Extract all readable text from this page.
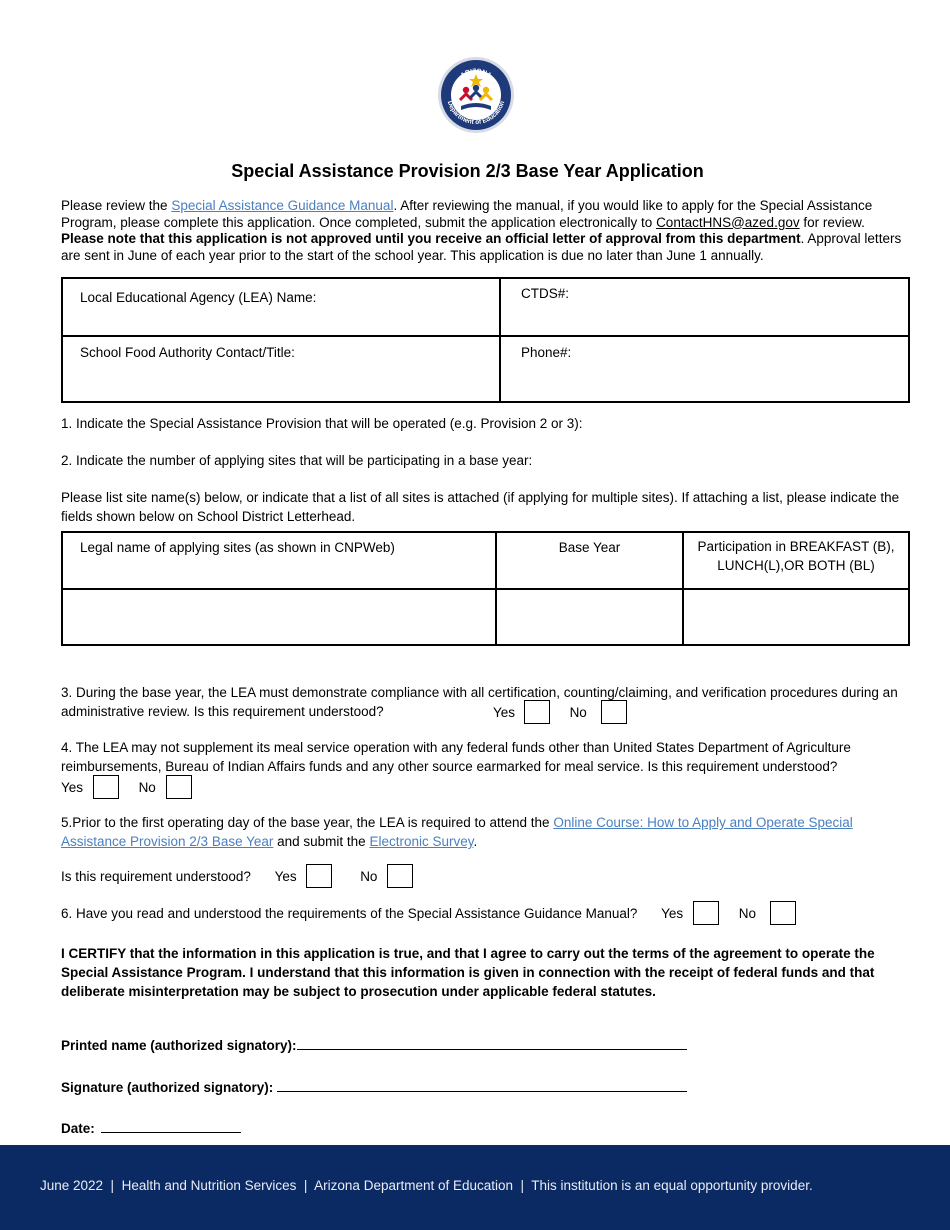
ARIZONA
Department of Education
Special Assistance Provision 2/3 Base Year Application
Please review the Special Assistance Guidance Manual. After reviewing the manual, if you would like to apply for the Special Assistance Program, please complete this application. Once completed, submit the application electronically to ContactHNS@azed.gov for review.
Please note that this application is not approved until you receive an official letter of approval from this department. Approval letters are sent in June of each year prior to the start of the school year. This application is due no later than June 1 annually.
Local Educational Agency (LEA) Name:	CTDS#:

School Food Authority Contact/Title:	Phone#:
1. Indicate the Special Assistance Provision that will be operated (e.g. Provision 2 or 3):
2. Indicate the number of applying sites that will be participating in a base year:
Please list site name(s) below, or indicate that a list of all sites is attached (if applying for multiple sites). If attaching a list, please indicate the fields shown below on School District Letterhead.
Legal name of applying sites (as shown in CNPWeb)	Base Year	Participation in BREAKFAST (B), LUNCH(L),OR BOTH (BL)

3. During the base year, the LEA must demonstrate compliance with all certification, counting/claiming, and verification procedures during an administrative review. Is this requirement understood?	Yes	No
4. The LEA may not supplement its meal service operation with any federal funds other than United States Department of Agriculture reimbursements, Bureau of Indian Affairs funds and any other source earmarked for meal service. Is this requirement understood?
Yes	No
5.Prior to the first operating day of the base year, the LEA is required to attend the Online Course: How to Apply and Operate Special Assistance Provision 2/3 Base Year and submit the Electronic Survey.
Is this requirement understood? Yes	No
6. Have you read and understood the requirements of the Special Assistance Guidance Manual? Yes	No
I CERTIFY that the information in this application is true, and that I agree to carry out the terms of the agreement to operate the Special Assistance Program. I understand that this information is given in connection with the receipt of federal funds and that deliberate misinterpretation may be subject to prosecution under applicable federal statutes.
Printed name (authorized signatory):
Signature (authorized signatory):
Date:
June 2022  |  Health and Nutrition Services  |  Arizona Department of Education  |  This institution is an equal opportunity provider.
